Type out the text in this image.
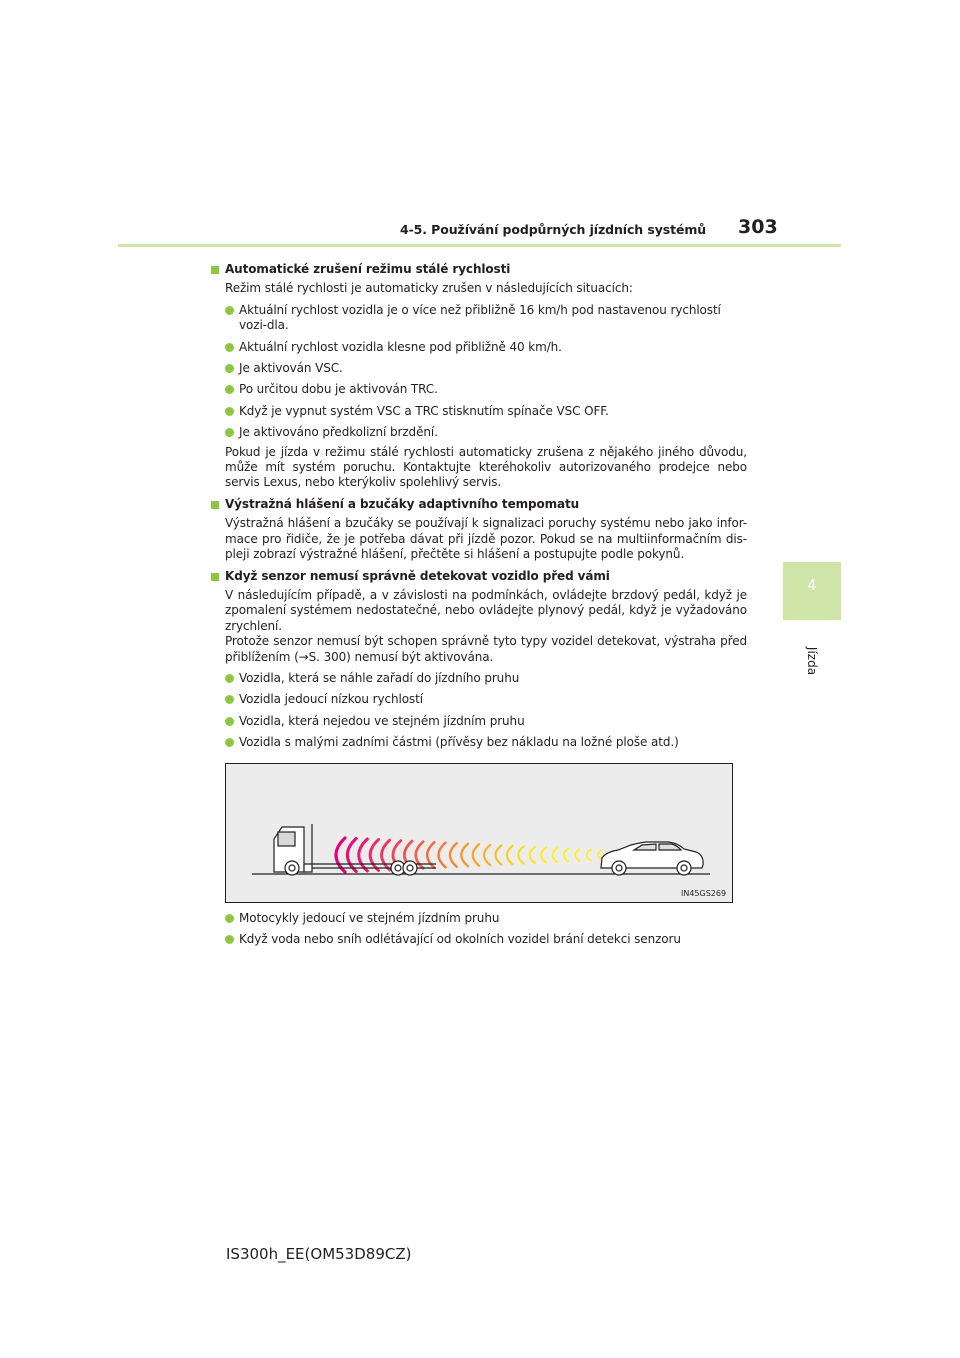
4-5. Používání podpůrných jízdních systémů 303
4
Jízda
Automatické zrušení režimu stálé rychlosti
Režim stálé rychlosti je automaticky zrušen v následujících situacích:
Aktuální rychlost vozidla je o více než přibližně 16 km/h pod nastavenou rychlostí vozi-dla.
Aktuální rychlost vozidla klesne pod přibližně 40 km/h.
Je aktivován VSC.
Po určitou dobu je aktivován TRC.
Když je vypnut systém VSC a TRC stisknutím spínače VSC OFF.
Je aktivováno předkolizní brzdění.
Pokud je jízda v režimu stálé rychlosti automaticky zrušena z nějakého jiného důvodu, může mít systém poruchu. Kontaktujte kteréhokoliv autorizovaného prodejce nebo servis Lexus, nebo kterýkoliv spolehlivý servis.
Výstražná hlášení a bzučáky adaptivního tempomatu
Výstražná hlášení a bzučáky se používají k signalizaci poruchy systému nebo jako infor-mace pro řidiče, že je potřeba dávat při jízdě pozor. Pokud se na multiinformačním dis-pleji zobrazí výstražné hlášení, přečtěte si hlášení a postupujte podle pokynů.
Když senzor nemusí správně detekovat vozidlo před vámi
V následujícím případě, a v závislosti na podmínkách, ovládejte brzdový pedál, když je zpomalení systémem nedostatečné, nebo ovládejte plynový pedál, když je vyžadováno zrychlení.
Protože senzor nemusí být schopen správně tyto typy vozidel detekovat, výstraha před přiblížením (→S. 300) nemusí být aktivována.
Vozidla, která se náhle zařadí do jízdního pruhu
Vozidla jedoucí nízkou rychlostí
Vozidla, která nejedou ve stejném jízdním pruhu
Vozidla s malými zadními částmi (přívěsy bez nákladu na ložné ploše atd.)
IN45GS269
Motocykly jedoucí ve stejném jízdním pruhu
Když voda nebo sníh odlétávající od okolních vozidel brání detekci senzoru
IS300h_EE(OM53D89CZ)
